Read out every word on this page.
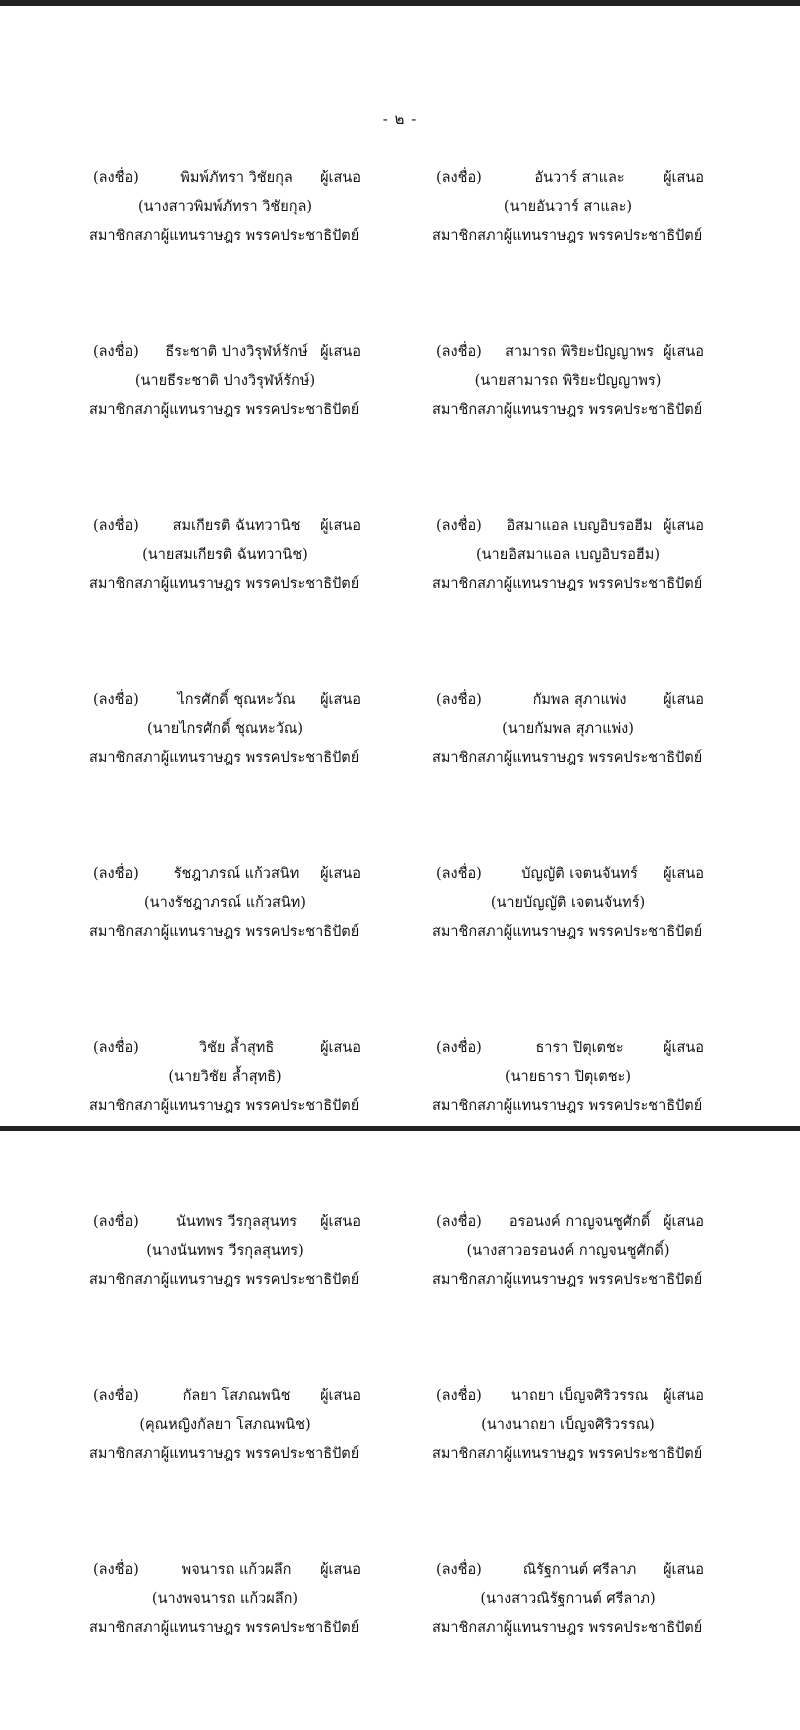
- ๒ -
(ลงชื่อ)	พิมพ์ภัทรา วิชัยกุล	ผู้เสนอ
(นางสาวพิมพ์ภัทรา วิชัยกุล)
สมาชิกสภาผู้แทนราษฎร พรรคประชาธิปัตย์
(ลงชื่อ)	ธีระชาติ ปางวิรุฬห์รักษ์ ผู้เสนอ
(นายธีระชาติ ปางวิรุฬห์รักษ์)
สมาชิกสภาผู้แทนราษฎร พรรคประชาธิปัตย์
(ลงชื่อ)	สมเกียรติ ฉันทวานิช	ผู้เสนอ
(นายสมเกียรติ ฉันทวานิช)
สมาชิกสภาผู้แทนราษฎร พรรคประชาธิปัตย์
(ลงชื่อ)	ไกรศักดิ์ ชุณหะวัณ	ผู้เสนอ
(นายไกรศักดิ์ ชุณหะวัณ)
สมาชิกสภาผู้แทนราษฎร พรรคประชาธิปัตย์
(ลงชื่อ)	รัชฎาภรณ์ แก้วสนิท	ผู้เสนอ
(นางรัชฎาภรณ์ แก้วสนิท)
สมาชิกสภาผู้แทนราษฎร พรรคประชาธิปัตย์
(ลงชื่อ)	วิชัย ล้ำสุทธิ	ผู้เสนอ
(นายวิชัย ล้ำสุทธิ)
สมาชิกสภาผู้แทนราษฎร พรรคประชาธิปัตย์
(ลงชื่อ)	นันทพร วีรกุลสุนทร	ผู้เสนอ
(นางนันทพร วีรกุลสุนทร)
สมาชิกสภาผู้แทนราษฎร พรรคประชาธิปัตย์
(ลงชื่อ)	กัลยา โสภณพนิช	ผู้เสนอ
(คุณหญิงกัลยา โสภณพนิช)
สมาชิกสภาผู้แทนราษฎร พรรคประชาธิปัตย์
(ลงชื่อ)	พจนารถ แก้วผลึก	ผู้เสนอ
(นางพจนารถ แก้วผลึก)
สมาชิกสภาผู้แทนราษฎร พรรคประชาธิปัตย์
(ลงชื่อ)	อันวาร์ สาและ	ผู้เสนอ
(นายอันวาร์ สาและ)
สมาชิกสภาผู้แทนราษฎร พรรคประชาธิปัตย์
(ลงชื่อ)	สามารถ พิริยะปัญญาพร ผู้เสนอ
(นายสามารถ พิริยะปัญญาพร)
สมาชิกสภาผู้แทนราษฎร พรรคประชาธิปัตย์
(ลงชื่อ)	อิสมาแอล เบญอิบรอฮีม ผู้เสนอ
(นายอิสมาแอล เบญอิบรอฮีม)
สมาชิกสภาผู้แทนราษฎร พรรคประชาธิปัตย์
(ลงชื่อ)	กัมพล สุภาแพ่ง	ผู้เสนอ
(นายกัมพล สุภาแพ่ง)
สมาชิกสภาผู้แทนราษฎร พรรคประชาธิปัตย์
(ลงชื่อ)	บัญญัติ เจตนจันทร์	ผู้เสนอ
(นายบัญญัติ เจตนจันทร์)
สมาชิกสภาผู้แทนราษฎร พรรคประชาธิปัตย์
(ลงชื่อ)	ธารา ปิตุเตชะ	ผู้เสนอ
(นายธารา ปิตุเตชะ)
สมาชิกสภาผู้แทนราษฎร พรรคประชาธิปัตย์
(ลงชื่อ)	อรอนงค์ กาญจนชูศักดิ์ ผู้เสนอ
(นางสาวอรอนงค์ กาญจนชูศักดิ์)
สมาชิกสภาผู้แทนราษฎร พรรคประชาธิปัตย์
(ลงชื่อ)	นาถยา เบ็ญจศิริวรรณ	ผู้เสนอ
(นางนาถยา เบ็ญจศิริวรรณ)
สมาชิกสภาผู้แทนราษฎร พรรคประชาธิปัตย์
(ลงชื่อ)	ณิรัฐกานต์ ศรีลาภ	ผู้เสนอ
(นางสาวณิรัฐกานต์ ศรีลาภ)
สมาชิกสภาผู้แทนราษฎร พรรคประชาธิปัตย์
